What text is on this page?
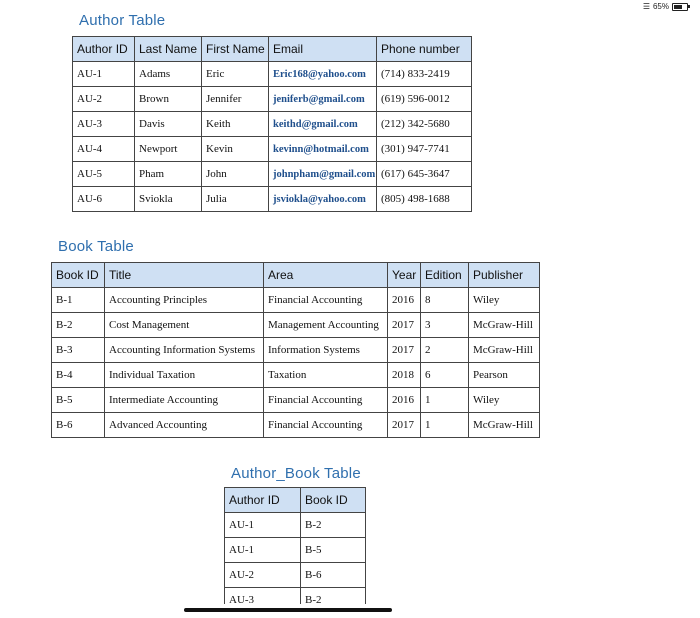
☰ 65%
Author Table
Author ID	Last Name	First Name	Email	Phone number
AU-1	Adams	Eric	Eric168@yahoo.com	(714) 833-2419
AU-2	Brown	Jennifer	jeniferb@gmail.com	(619) 596-0012
AU-3	Davis	Keith	keithd@gmail.com	(212) 342-5680
AU-4	Newport	Kevin	kevinn@hotmail.com	(301) 947-7741
AU-5	Pham	John	johnpham@gmail.com	(617) 645-3647
AU-6	Sviokla	Julia	jsviokla@yahoo.com	(805) 498-1688
Book Table
Book ID	Title	Area	Year	Edition	Publisher
B-1	Accounting Principles	Financial Accounting	2016	8	Wiley
B-2	Cost Management	Management Accounting	2017	3	McGraw-Hill
B-3	Accounting Information Systems	Information Systems	2017	2	McGraw-Hill
B-4	Individual Taxation	Taxation	2018	6	Pearson
B-5	Intermediate Accounting	Financial Accounting	2016	1	Wiley
B-6	Advanced Accounting	Financial Accounting	2017	1	McGraw-Hill
Author_Book Table
Author ID	Book ID
AU-1	B-2
AU-1	B-5
AU-2	B-6
AU-3	B-2
